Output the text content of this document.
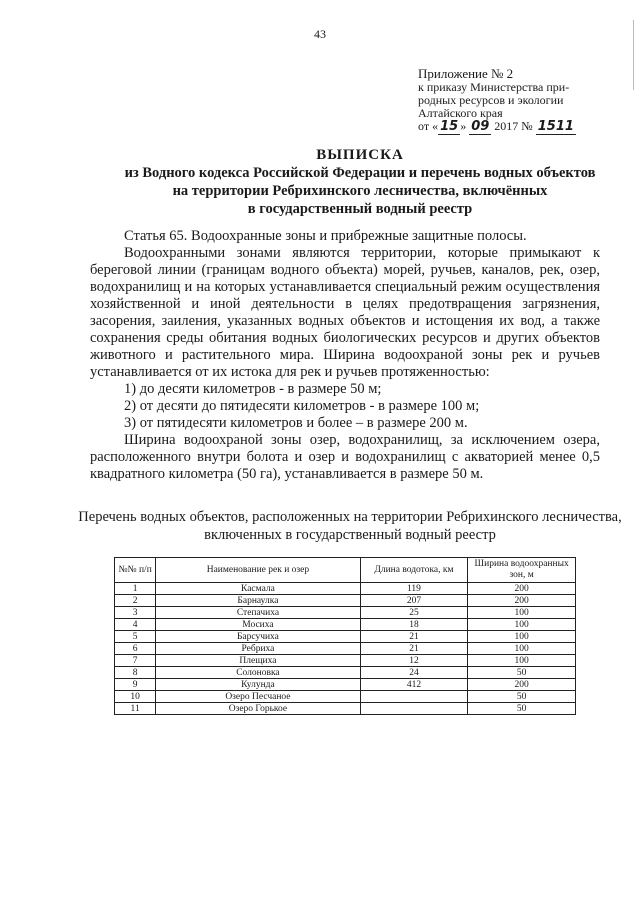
43
Приложение № 2
к приказу Министерства при-
родных ресурсов и экологии
Алтайского края
от « 15 » 09 2017 № 1511
ВЫПИСКА
из Водного кодекса Российской Федерации и перечень водных объектов
на территории Ребрихинского лесничества, включённых
в государственный водный реестр

Статья 65. Водоохранные зоны и прибрежные защитные полосы.

Водоохранными зонами являются территории, которые примыкают к береговой линии (границам водного объекта) морей, ручьев, каналов, рек, озер, водохранилищ и на которых устанавливается специальный режим осуществления хозяйственной и иной деятельности в целях предотвращения загрязнения, засорения, заиления, указанных водных объектов и истощения их вод, а также сохранения среды обитания водных биологических ресурсов и других объектов животного и растительного мира. Ширина водоохраной зоны рек и ручьев устанавливается от их истока для рек и ручьев протяженностью:

1) до десяти километров - в размере 50 м;

2) от десяти до пятидесяти километров - в размере 100 м;

3) от пятидесяти километров и более – в размере 200 м.

Ширина водоохраной зоны озер, водохранилищ, за исключением озера, расположенного внутри болота и озер и водохранилищ с акваторией менее 0,5 квадратного километра (50 га), устанавливается в размере 50 м.

Перечень водных объектов, расположенных на территории Ребрихинского лесничества, включенных в государственный водный реестр
№№ п/п	Наименование рек и озер	Длина водотока, км	Ширина водоохранных зон, м
1	Касмала	119	200
2	Барнаулка	207	200
3	Степачиха	25	100
4	Мосиха	18	100
5	Барсучиха	21	100
6	Ребриха	21	100
7	Плещиха	12	100
8	Солоновка	24	50
9	Кулунда	412	200
10	Озеро Песчаное		50
11	Озеро Горькое		50
